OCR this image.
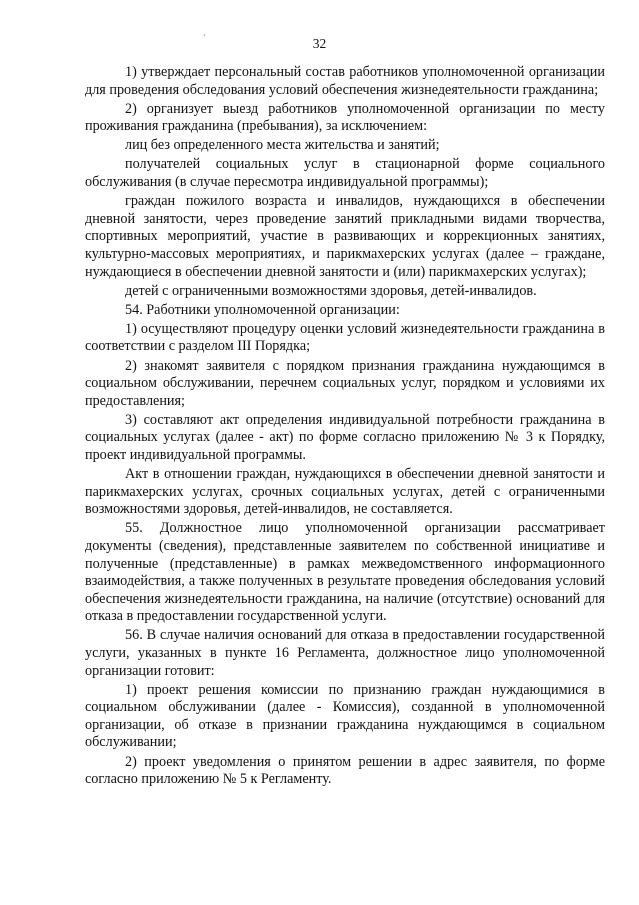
`	32

1) утверждает персональный состав работников уполномоченной организации для проведения обследования условий обеспечения жизнедеятельности гражданина;

2) организует выезд работников уполномоченной организации по месту проживания гражданина (пребывания), за исключением:

лиц без определенного места жительства и занятий;

получателей социальных услуг в стационарной форме социального обслуживания (в случае пересмотра индивидуальной программы);

граждан пожилого возраста и инвалидов, нуждающихся в обеспечении дневной занятости, через проведение занятий прикладными видами творчества, спортивных мероприятий, участие в развивающих и коррекционных занятиях, культурно-массовых мероприятиях, и парикмахерских услугах (далее – граждане, нуждающиеся в обеспечении дневной занятости и (или) парикмахерских услугах);

детей с ограниченными возможностями здоровья, детей-инвалидов.

54. Работники уполномоченной организации:

1) осуществляют процедуру оценки условий жизнедеятельности гражданина в соответствии с разделом III Порядка;

2) знакомят заявителя с порядком признания гражданина нуждающимся в социальном обслуживании, перечнем социальных услуг, порядком и условиями их предоставления;

3) составляют акт определения индивидуальной потребности гражданина в социальных услугах (далее - акт) по форме согласно приложению № 3 к Порядку, проект индивидуальной программы.

Акт в отношении граждан, нуждающихся в обеспечении дневной занятости и парикмахерских услугах, срочных социальных услугах, детей с ограниченными возможностями здоровья, детей-инвалидов, не составляется.

55. Должностное лицо уполномоченной организации рассматривает документы (сведения), представленные заявителем по собственной инициативе и полученные (представленные) в рамках межведомственного информационного взаимодействия, а также полученных в результате проведения обследования условий обеспечения жизнедеятельности гражданина, на наличие (отсутствие) оснований для отказа в предоставлении государственной услуги.

56. В случае наличия оснований для отказа в предоставлении государственной услуги, указанных в пункте 16 Регламента, должностное лицо уполномоченной организации готовит:

1) проект решения комиссии по признанию граждан нуждающимися в социальном обслуживании (далее - Комиссия), созданной в уполномоченной организации, об отказе в признании гражданина нуждающимся в социальном обслуживании;

2) проект уведомления о принятом решении в адрес заявителя, по форме согласно приложению № 5 к Регламенту.
